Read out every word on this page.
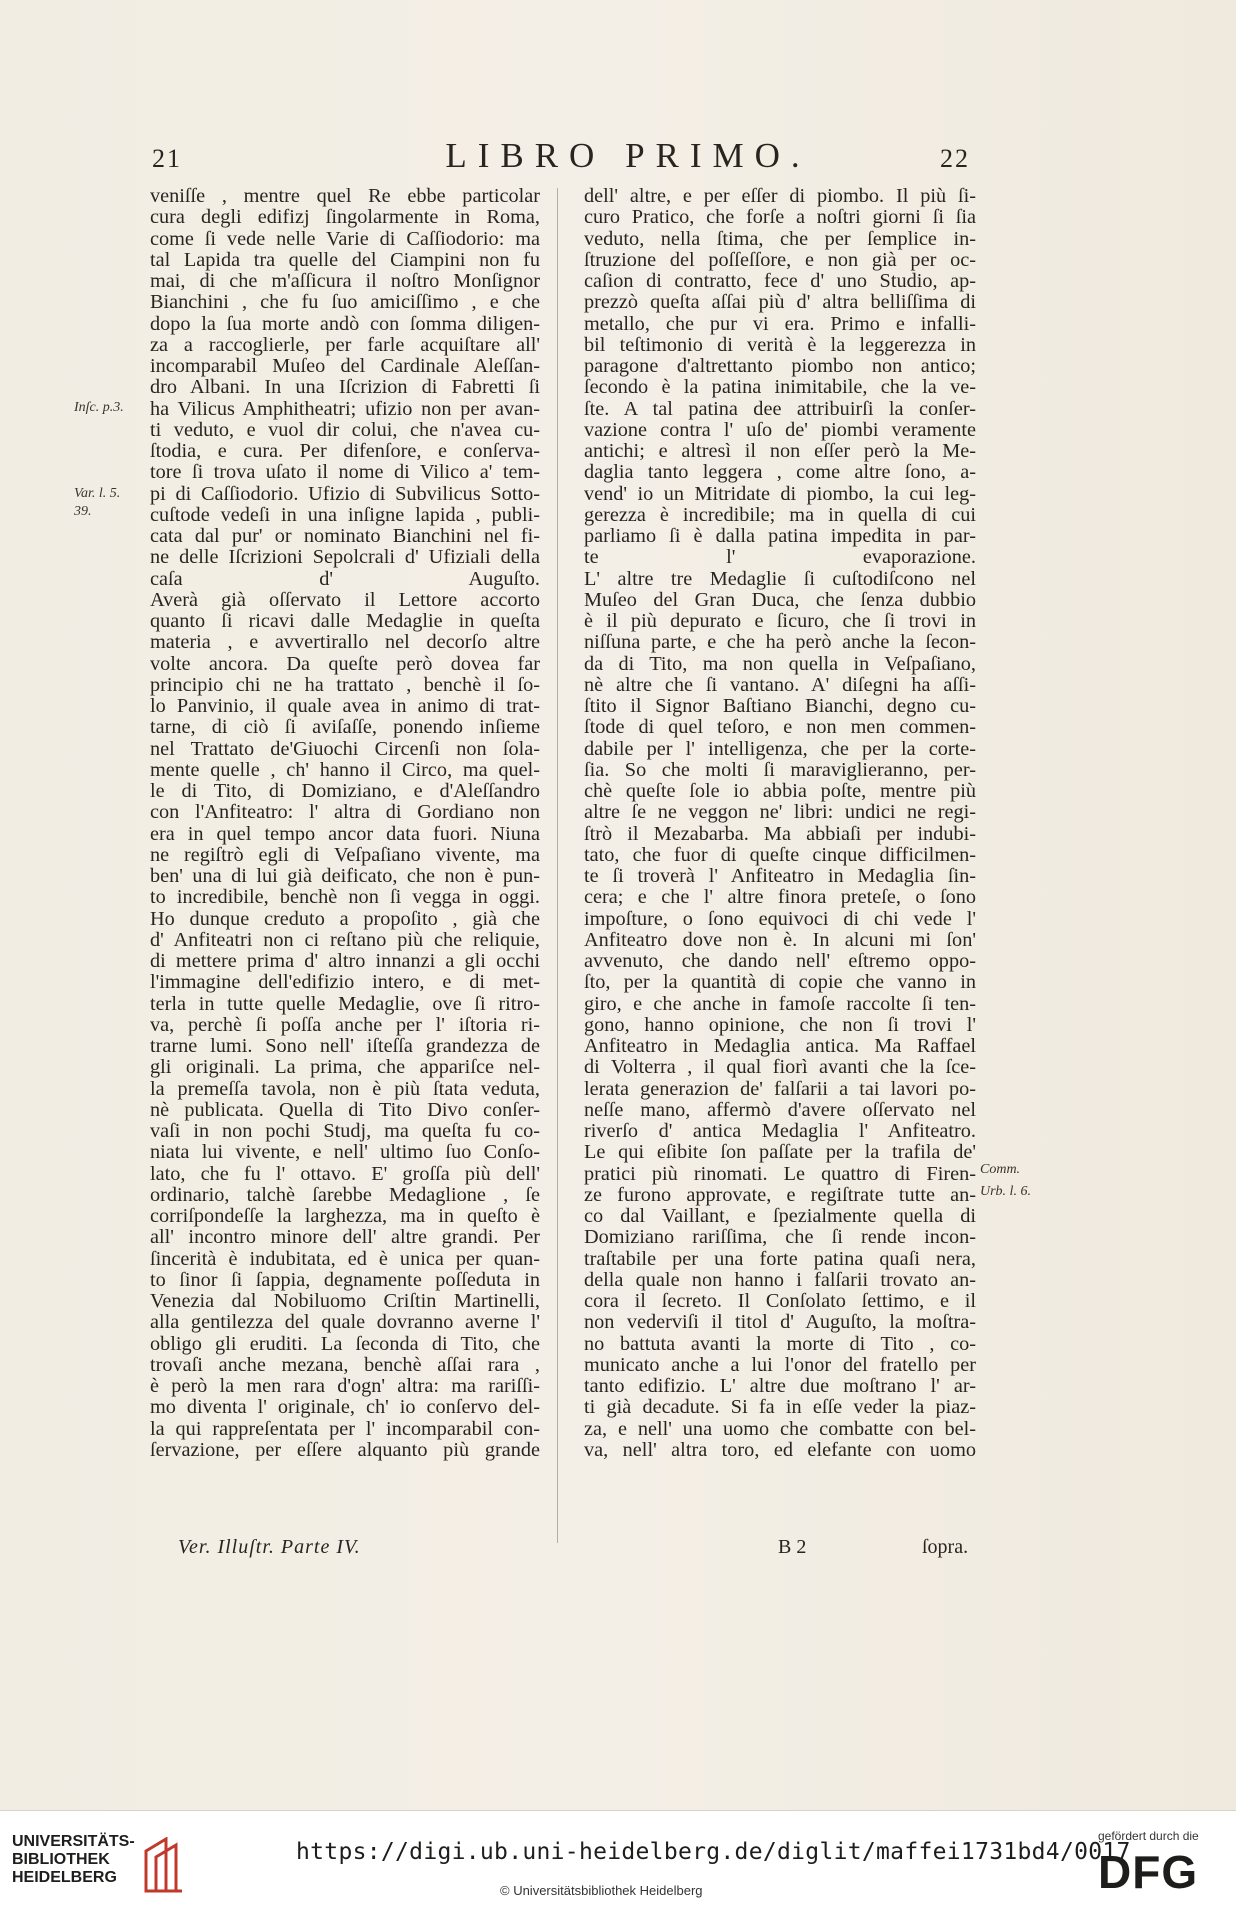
21	LIBRO PRIMO.	22
veniſſe , mentre quel Re ebbe particolar
cura degli edifizj ſingolarmente in Roma,
come ſi vede nelle Varie di Caſſiodorio: ma
tal Lapida tra quelle del Ciampini non fu
mai, di che m'aſſicura il noſtro Monſignor
Bianchini , che fu ſuo amiciſſimo , e che
dopo la ſua morte andò con ſomma diligen-
za a raccoglierle, per farle acquiſtare all'
incomparabil Muſeo del Cardinale Aleſſan-
dro Albani. In una Iſcrizion di Fabretti ſi
ha Vilicus Amphitheatri; ufizio non per avan-
ti veduto, e vuol dir colui, che n'avea cu-
ſtodia, e cura. Per difenſore, e conſerva-
tore ſi trova uſato il nome di Vilico a' tem-
pi di Caſſiodorio. Ufizio di Subvilicus Sotto-
cuſtode vedeſi in una inſigne lapida , publi-
cata dal pur' or nominato Bianchini nel fi-
ne delle Iſcrizioni Sepolcrali d' Ufiziali della
caſa d' Auguſto.
Averà già oſſervato il Lettore accorto
quanto ſi ricavi dalle Medaglie in queſta
materia , e avvertirallo nel decorſo altre
volte ancora. Da queſte però dovea far
principio chi ne ha trattato , benchè il ſo-
lo Panvinio, il quale avea in animo di trat-
tarne, di ciò ſi aviſaſſe, ponendo inſieme
nel Trattato de'Giuochi Circenſi non ſola-
mente quelle , ch' hanno il Circo, ma quel-
le di Tito, di Domiziano, e d'Aleſſandro
con l'Anfiteatro: l' altra di Gordiano non
era in quel tempo ancor data fuori. Niuna
ne regiſtrò egli di Veſpaſiano vivente, ma
ben' una di lui già deificato, che non è pun-
to incredibile, benchè non ſi vegga in oggi.
Ho dunque creduto a propoſito , già che
d' Anfiteatri non ci reſtano più che reliquie,
di mettere prima d' altro innanzi a gli occhi
l'immagine dell'edifizio intero, e di met-
terla in tutte quelle Medaglie, ove ſi ritro-
va, perchè ſi poſſa anche per l' iſtoria ri-
trarne lumi. Sono nell' iſteſſa grandezza de
gli originali. La prima, che appariſce nel-
la premeſſa tavola, non è più ſtata veduta,
nè publicata. Quella di Tito Divo conſer-
vaſi in non pochi Studj, ma queſta fu co-
niata lui vivente, e nell' ultimo ſuo Conſo-
lato, che fu l' ottavo. E' groſſa più dell'
ordinario, talchè ſarebbe Medaglione , ſe
corriſpondeſſe la larghezza, ma in queſto è
all' incontro minore dell' altre grandi. Per
ſincerità è indubitata, ed è unica per quan-
to ſinor ſi ſappia, degnamente poſſeduta in
Venezia dal Nobiluomo Criſtin Martinelli,
alla gentilezza del quale dovranno averne l'
obligo gli eruditi. La ſeconda di Tito, che
trovaſi anche mezana, benchè aſſai rara ,
è però la men rara d'ogn' altra: ma rariſſi-
mo diventa l' originale, ch' io conſervo del-
la qui rappreſentata per l' incomparabil con-
ſervazione, per eſſere alquanto più grande
dell' altre, e per eſſer di piombo. Il più ſi-
curo Pratico, che forſe a noſtri giorni ſi ſia
veduto, nella ſtima, che per ſemplice in-
ſtruzione del poſſeſſore, e non già per oc-
caſion di contratto, fece d' uno Studio, ap-
prezzò queſta aſſai più d' altra belliſſima di
metallo, che pur vi era. Primo e infalli-
bil teſtimonio di verità è la leggerezza in
paragone d'altrettanto piombo non antico;
ſecondo è la patina inimitabile, che la ve-
ſte. A tal patina dee attribuirſi la conſer-
vazione contra l' uſo de' piombi veramente
antichi; e altresì il non eſſer però la Me-
daglia tanto leggera , come altre ſono, a-
vend' io un Mitridate di piombo, la cui leg-
gerezza è incredibile; ma in quella di cui
parliamo ſi è dalla patina impedita in par-
te l' evaporazione.
L' altre tre Medaglie ſi cuſtodiſcono nel
Muſeo del Gran Duca, che ſenza dubbio
è il più depurato e ſicuro, che ſi trovi in
niſſuna parte, e che ha però anche la ſecon-
da di Tito, ma non quella in Veſpaſiano,
nè altre che ſi vantano. A' diſegni ha aſſi-
ſtito il Signor Baſtiano Bianchi, degno cu-
ſtode di quel teſoro, e non men commen-
dabile per l' intelligenza, che per la corte-
ſia. So che molti ſi maraviglieranno, per-
chè queſte ſole io abbia poſte, mentre più
altre ſe ne veggon ne' libri: undici ne regi-
ſtrò il Mezabarba. Ma abbiaſi per indubi-
tato, che fuor di queſte cinque difficilmen-
te ſi troverà l' Anfiteatro in Medaglia ſin-
cera; e che l' altre finora preteſe, o ſono
impoſture, o ſono equivoci di chi vede l'
Anfiteatro dove non è. In alcuni mi ſon'
avvenuto, che dando nell' eſtremo oppo-
ſto, per la quantità di copie che vanno in
giro, e che anche in famoſe raccolte ſi ten-
gono, hanno opinione, che non ſi trovi l'
Anfiteatro in Medaglia antica. Ma Raffael
di Volterra , il qual fiorì avanti che la ſce-
lerata generazion de' falſarii a tai lavori po-
neſſe mano, affermò d'avere oſſervato nel
riverſo d' antica Medaglia l' Anfiteatro.
Le qui eſibite ſon paſſate per la trafila de'
pratici più rinomati. Le quattro di Firen-
ze furono approvate, e regiſtrate tutte an-
co dal Vaillant, e ſpezialmente quella di
Domiziano rariſſima, che ſi rende incon-
traſtabile per una forte patina quaſi nera,
della quale non hanno i falſarii trovato an-
cora il ſecreto. Il Conſolato ſettimo, e il
non vederviſi il titol d' Auguſto, la moſtra-
no battuta avanti la morte di Tito , co-
municato anche a lui l'onor del fratello per
tanto edifizio. L' altre due moſtrano l' ar-
ti già decadute. Si fa in eſſe veder la piaz-
za, e nell' una uomo che combatte con bel-
va, nell' altra toro, ed elefante con uomo
Inſc. p.3.
Var. l. 5.
39.
Comm.
Urb. l. 6.
Ver. Illuſtr. Parte IV.	B 2	ſopra.
UNIVERSITÄTS-
BIBLIOTHEK
HEIDELBERG
https://digi.ub.uni-heidelberg.de/diglit/maffei1731bd4/0017
© Universitätsbibliothek Heidelberg
gefördert durch die
DFG
